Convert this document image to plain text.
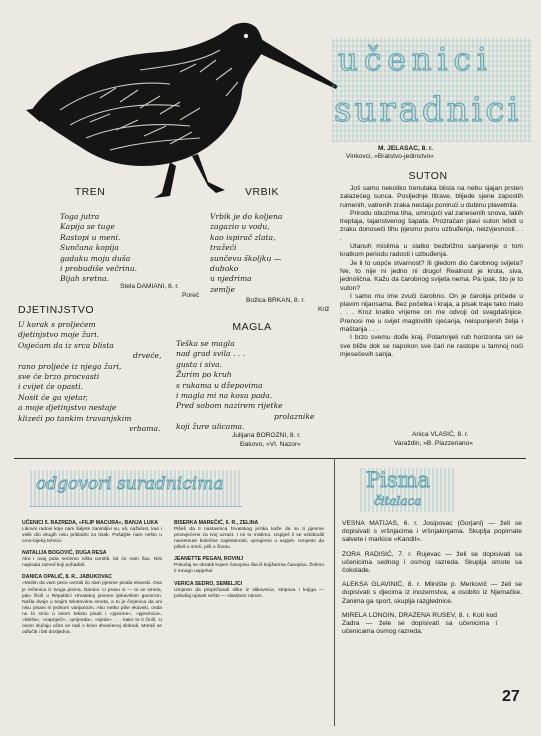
učenici
suradnici
M. JELASAC, 8. r.
Vinkovci, »Bratstvo-jedinstvo«
TREN
Toga jutra
Kapija se tuge
Rastopi u meni.
Sunčana kopija
gadaku moju duša
i probudiše večrinu.
Bijah sretna.
Stela DAMIANI, 8. r.
Poreč
VRBIK
Vrbik je do koljena
zagazio u vodu,
kao ispirač zlata,
tražeći
sunčevu školjku —
duboko
u njedrima
zemlje
Božica BRKAN, 8. r.
Križ
DJETINJSTVO
U korak s proljećem
djetinjstvo moje žuri.
Osjećam da iz srca blista
drveće,
rano proljeće iz njega žuri,
sve će brzo procvasti
i cvijet će opasti.
Nosit će ga vjetar,
a moje djetinjstvo nestaje
klizeći po tankim travanjskim
vrbama.
MAGLA
Teška se magla
nad grad svila . . .
gusta i siva.
Žurim po kruh
s rukama u džepovima
i magla mi na kosu pada.
Pred sobom nazirem rijetke
prolaznike
koji žure ulicama.
Julijana BOROZNI, 8. r.
Đakovo, »VI. Nazor«
SUTON
Još samo nekoliko trenutaka blista na nebu sjajan prsten zalazećeg sunca. Posljednje titrave, blijede sjene zapostih rumenih, vatrenih zraka nestaju ponirući u dubinu plavetnila.
Prirodu obuzima tiha, umirujući val zanesenih snova, lakih treptaja, tajanstvenog šapata. Prozračan plavi suton lebdi u zraku donoseći tihu pjesmu punu uzbuđenja, neizvjesnosti . . .
Utanuh mislima u slatko bezbrižno sanjarenje o tom kratkom periodu radosti i uzbuđenja.
Je li to uopće stvarnost? Ili gledom dio čarobnog svijeta? Ne, to nije ni jedno ni drugo! Realnost je kruta, siva, jednolična. Kažu da čarobnog svijeta nema. Pa ipak, što je to suton?
I samo mu ime zvuči čarobno. On je čarolija pričede u plavim nijansama. Bez početka i kraja, a pisak traje tako malo . . . Kroz kratko vrijeme on me odvoji od svagdašnjice. Prenosi me u svijet maglovitih sjećanja, neispunjenih želja i maštanja . . .
I brzo svemu dođe kraj. Potamnjeli rub horizonta siri se sve bliže dok se napokon sve čari ne rastope u tamnoj noći mjesečevih sanja.
Anica VLASIĆ, 8. r.
Varaždin, »B. Plazzeriano«
odgovori suradnicima
UČENICI 5. RAZREDA, »FILIP MACURA«, BANJA LUKA
Likovni radovi koje nam šaljete zanimljivi su, ali, nažalost, kao i velik dio drugih nisu prikladni za tisak. Pošaljite nam nešto u crno-bijeloj tehnici.
NATALIJA BOGOVIĆ, DUGA RESA
Ako i ovaj puta nećemo ništa uvrstiti, bit će nam žao. Nisi napisala razred koji pohađaš.
DANICA OPALIĆ, 8. R., JABUKOVAC
»Molim da vam pece uvrstiti ilo sam pjesme pisala ekavski. Ova je rečenica iz tvoga pisma, Danice. U pravu si — to se smeta, jako živiš u Republici Hrvatskoj pisemo ijekavskim govorom. Našla dvoje u tvojim tekstovima smeta, a to je činjenica da oni nisu pisani ni jednom varijantom. Ako netko piše ekavski, onda ne bi smio u istom tekstu pisati i »pjesme«, »pjesmica«, »bleša«, »zapriječi«, »prijeoda«, »sjede« . . . kako to ti činiš. U ovom slučaju očito se radi o krivo shvaćenoj slobodi. Moraš se odlučiti i biti dosljedna.
BISERKA MAREČIĆ, 6. R., ZELINA
Pišeš da ti nastavnica hrvatskog jezika kaže da su ti pjesme prosvjećene za tvoj uzrast. I mi to mislimo. Uspiješ li se oslobodili nametnute bolečine zapletanosti, vjerujemo u uspjeh. Umjesto da pišeš o smrti, piši o životu.
JEANETTE PEGAN, ROVINJ
Pokušaj se obratiti kojem časopisu ilita ili knjižarima časopisu. Želimo ti mnogo uspjeha!
VERICA SEDRO, SEMELJCI
Umjesto da prepričavaš slike iz slikovnica, stripova i knjiga — pokušaj opisati nešto — vlastitom rukom.
Pisma
čitalaca
VESNA MATIJAS, 6. r. Josipovac (Gorjani) — želi se dopisivati s vršnjacima i vršnjakinjama. Skuplja popirnate salvete i markice »Kandit«.
ZORA RADISIĆ, 7. r. Rujevac — želi se dopisivati sa učenicima sednog i osmog razreda. Skuplja omote sa čokolade.
ALEKSA GLAVINIĆ, 8. r. Mlinište p. Merkovič — želi se dopisivati s djecima iz inozemstva, a osobito iz Njemačke. Zanima ga sport, skuplja razglednice.
MIRELA LONGIN, DRAZENA RUSEV, 8. r. Koti kod Zadra — žele se dopisivati sa učenicima i učenicama osmog razreda.
27
